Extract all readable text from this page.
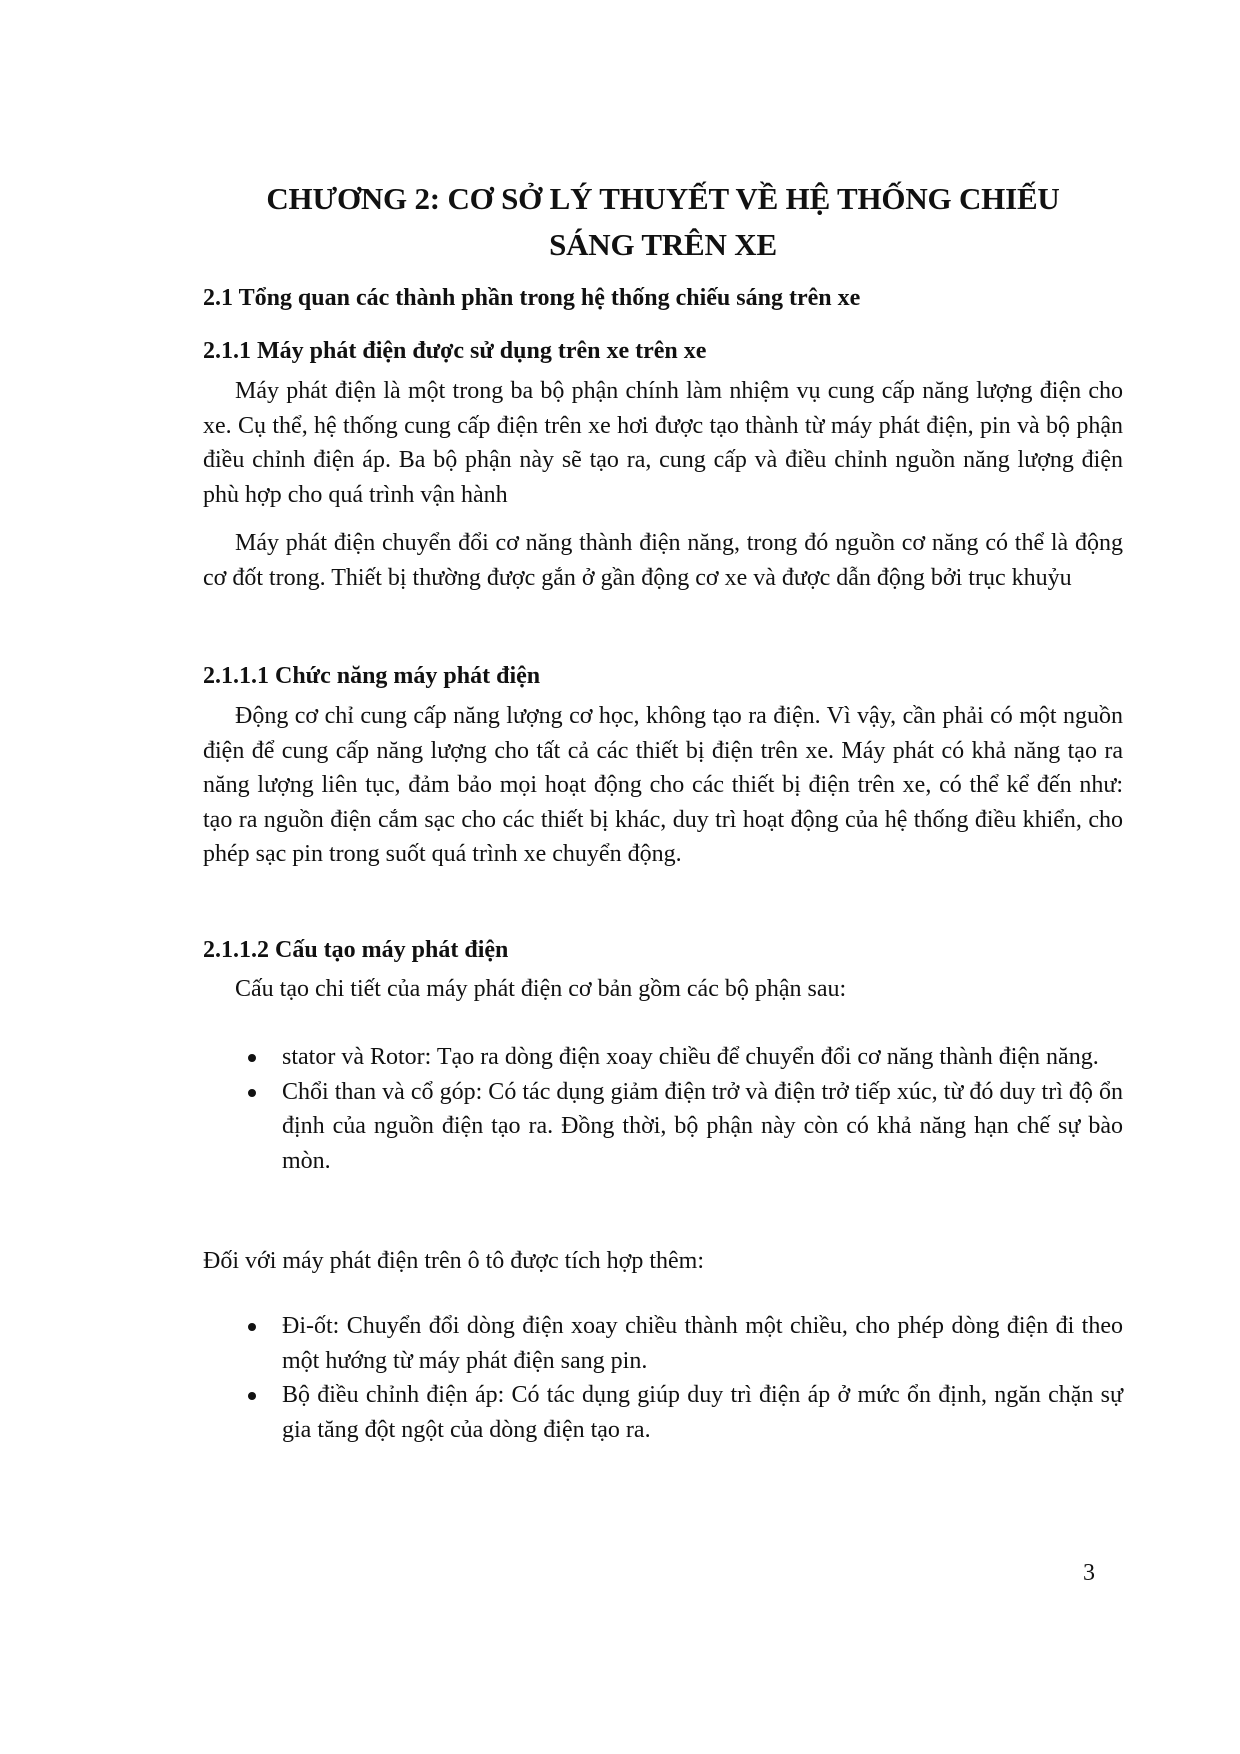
CHƯƠNG 2: CƠ SỞ LÝ THUYẾT VỀ HỆ THỐNG CHIẾU
SÁNG TRÊN XE
2.1 Tổng quan các thành phần trong hệ thống chiếu sáng trên xe
2.1.1 Máy phát điện được sử dụng trên xe trên xe
Máy phát điện là một trong ba bộ phận chính làm nhiệm vụ cung cấp năng lượng điện cho xe. Cụ thể, hệ thống cung cấp điện trên xe hơi được tạo thành từ máy phát điện, pin và bộ phận điều chỉnh điện áp. Ba bộ phận này sẽ tạo ra, cung cấp và điều chỉnh nguồn năng lượng điện phù hợp cho quá trình vận hành
Máy phát điện chuyển đổi cơ năng thành điện năng, trong đó nguồn cơ năng có thể là động cơ đốt trong. Thiết bị thường được gắn ở gần động cơ xe và được dẫn động bởi trục khuỷu
2.1.1.1 Chức năng máy phát điện
Động cơ chỉ cung cấp năng lượng cơ học, không tạo ra điện. Vì vậy, cần phải có một nguồn điện để cung cấp năng lượng cho tất cả các thiết bị điện trên xe. Máy phát có khả năng tạo ra năng lượng liên tục, đảm bảo mọi hoạt động cho các thiết bị điện trên xe, có thể kể đến như: tạo ra nguồn điện cắm sạc cho các thiết bị khác, duy trì hoạt động của hệ thống điều khiển, cho phép sạc pin trong suốt quá trình xe chuyển động.
2.1.1.2 Cấu tạo máy phát điện
Cấu tạo chi tiết của máy phát điện cơ bản gồm các bộ phận sau:
stator và Rotor: Tạo ra dòng điện xoay chiều để chuyển đổi cơ năng thành điện năng.
Chổi than và cổ góp: Có tác dụng giảm điện trở và điện trở tiếp xúc, từ đó duy trì độ ổn định của nguồn điện tạo ra. Đồng thời, bộ phận này còn có khả năng hạn chế sự bào mòn.
Đối với máy phát điện trên ô tô được tích hợp thêm:
Đi-ốt: Chuyển đổi dòng điện xoay chiều thành một chiều, cho phép dòng điện đi theo một hướng từ máy phát điện sang pin.
Bộ điều chỉnh điện áp: Có tác dụng giúp duy trì điện áp ở mức ổn định, ngăn chặn sự gia tăng đột ngột của dòng điện tạo ra.
3
